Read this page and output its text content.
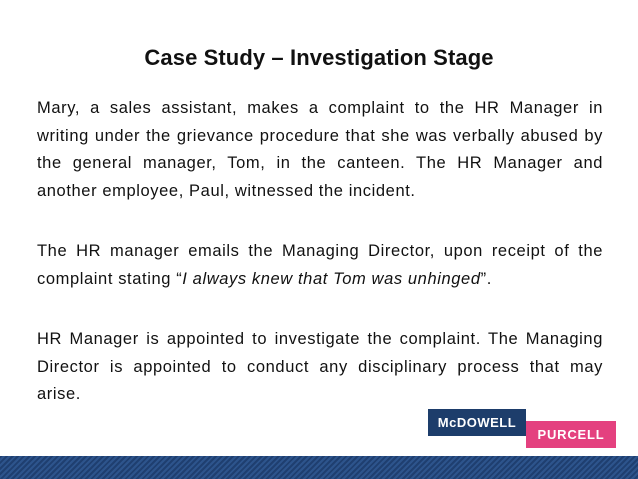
Case Study – Investigation Stage
Mary, a sales assistant, makes a complaint to the HR Manager in writing under the grievance procedure that she was verbally abused by the general manager, Tom, in the canteen. The HR Manager and another employee, Paul, witnessed the incident.
The HR manager emails the Managing Director, upon receipt of the complaint stating “I always knew that Tom was unhinged”.
HR Manager is appointed to investigate the complaint. The Managing Director is appointed to conduct any disciplinary process that may arise.
McDOWELL
PURCELL
